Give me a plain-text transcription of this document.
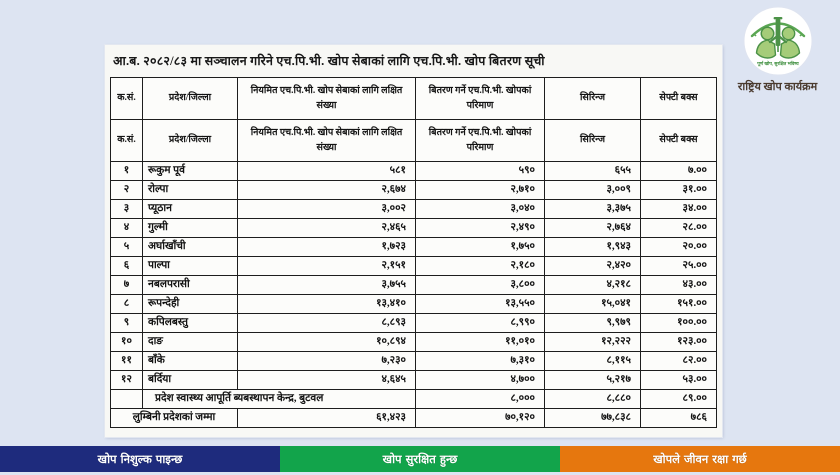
आ.ब. २०८२/८३ मा सञ्चालन गरिने एच.पि.भी. खोप सेबाकां लागि एच.पि.भी. खोप बितरण सूची
क.सं.	प्रदेश/जिल्ला	नियमित एच.पि.भी. खोप सेबाकां लागि लक्षित संख्या	बितरण गर्ने एच.पि.भी. खोपकां परिमाण	सिरिन्ज	सेफ्टी बक्स
क.सं.	प्रदेश/जिल्ला	नियमित एच.पि.भी. खोप सेबाकां लागि लक्षित संख्या	बितरण गर्ने एच.पि.भी. खोपकां परिमाण	सिरिन्ज	सेफ्टी बक्स
१	रूकुम पूर्व	५८१	५९०	६५५	७.००
२	रोल्पा	२,६७४	२,७१०	३,००९	३१.००
३	प्यूठान	३,००२	३,०४०	३,३७५	३४.००
४	गुल्मी	२,४६५	२,४९०	२,७६४	२८.००
५	अर्घाखाँची	१,७२३	१,७५०	१,९४३	२०.००
६	पाल्पा	२,१५१	२,१८०	२,४२०	२५.००
७	नबलपरासी	३,७५५	३,८००	४,२१८	४३.००
८	रूपन्देही	१३,४१०	१३,५५०	१५,०४१	१५१.००
९	कपिलबस्तु	८,८९३	८,९९०	९,९७९	१००.००
१०	दाङ	१०,८९४	११,०१०	१२,२२२	१२३.००
११	बाँके	७,२३०	७,३१०	८,११५	८२.००
१२	बर्दिया	४,६४५	४,७००	५,२१७	५३.००
	प्रदेश स्वास्थ्य आपूर्ति ब्यबस्थापन केन्द्र, बुटवल		८,०००	८,८८०	८९.००
लुम्बिनी प्रदेशकां जम्मा		६१,४२३	७०,१२०	७७,८३८	७८६
पूर्ण खोप, सुरक्षित भविष्य
राष्ट्रिय खोप कार्यक्रम
खोप निशुल्क पाइन्छ	खोप सुरक्षित हुन्छ	खोपले जीवन रक्षा गर्छ
